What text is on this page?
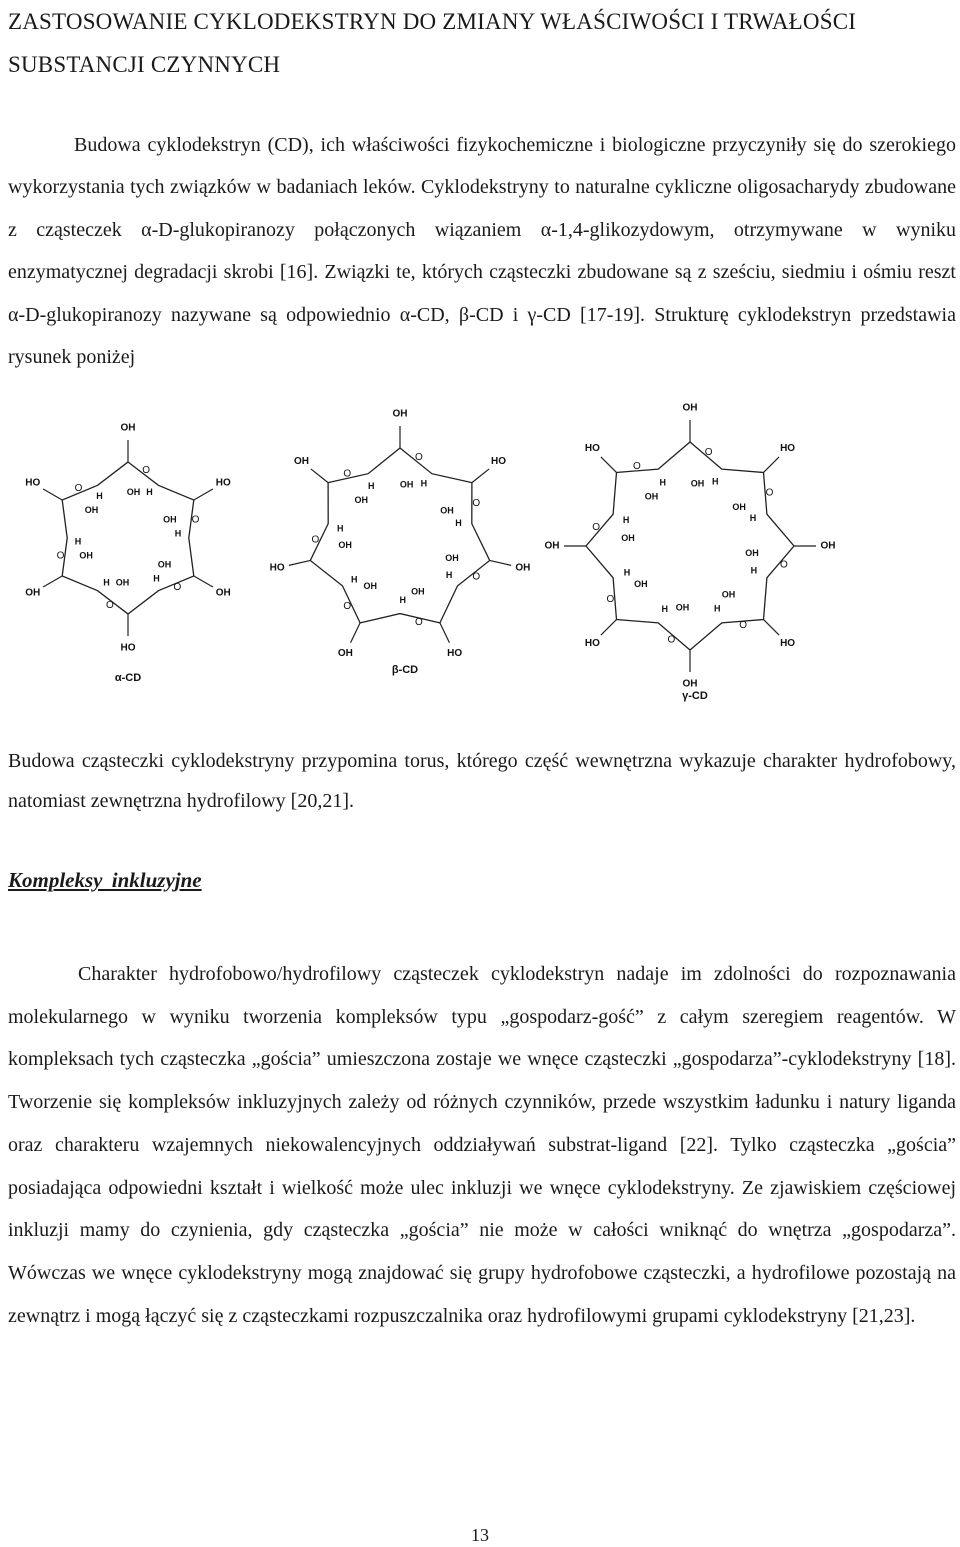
ZASTOSOWANIE CYKLODEKSTRYN DO ZMIANY WŁAŚCIWOŚCI I TRWAŁOŚCI SUBSTANCJI CZYNNYCH
Budowa cyklodekstryn (CD), ich właściwości fizykochemiczne i biologiczne przyczyniły się do szerokiego wykorzystania tych związków w badaniach leków. Cyklodekstryny to naturalne cykliczne oligosacharydy zbudowane z cząsteczek α-D-glukopiranozy połączonych wiązaniem α-1,4-glikozydowym, otrzymywane w wyniku enzymatycznej degradacji skrobi [16]. Związki te, których cząsteczki zbudowane są z sześciu, siedmiu i ośmiu reszt α-D-glukopiranozy nazywane są odpowiednio α-CD, β-CD i γ-CD [17-19]. Strukturę cyklodekstryn przedstawia rysunek poniżej
O
OH
OH H
O
HO
OH
H
O
OH
OH
H
O
HO
OH
H
O
OH
OH
H
O
HO
OH
H
α-CD
O
OH
OH H
O
HO
OH
H
O
OH
OH
H
O
HO
OH
H
O
OH
OH
H
O
HO
OH
H
O
OH
OH
H
β-CD
O
OH
OH H
O
HO
OH
H
O
OH
OH
H
O
HO
OH
H
O
OH
OH
H
O
HO
OH
H
O
OH
OH
H
O
HO
OH
H
γ-CD
Budowa cząsteczki cyklodekstryny przypomina torus, którego część wewnętrzna wykazuje charakter hydrofobowy, natomiast zewnętrzna hydrofilowy [20,21].
Kompleksy inkluzyjne
Charakter hydrofobowo/hydrofilowy cząsteczek cyklodekstryn nadaje im zdolności do rozpoznawania molekularnego w wyniku tworzenia kompleksów typu „gospodarz-gość” z całym szeregiem reagentów. W kompleksach tych cząsteczka „gościa” umieszczona zostaje we wnęce cząsteczki „gospodarza”-cyklodekstryny [18]. Tworzenie się kompleksów inkluzyjnych zależy od różnych czynników, przede wszystkim ładunku i natury liganda oraz charakteru wzajemnych niekowalencyjnych oddziaływań substrat-ligand [22]. Tylko cząsteczka „gościa” posiadająca odpowiedni kształt i wielkość może ulec inkluzji we wnęce cyklodekstryny. Ze zjawiskiem częściowej inkluzji mamy do czynienia, gdy cząsteczka „gościa” nie może w całości wniknąć do wnętrza „gospodarza”. Wówczas we wnęce cyklodekstryny mogą znajdować się grupy hydrofobowe cząsteczki, a hydrofilowe pozostają na zewnątrz i mogą łączyć się z cząsteczkami rozpuszczalnika oraz hydrofilowymi grupami cyklodekstryny [21,23].
13
